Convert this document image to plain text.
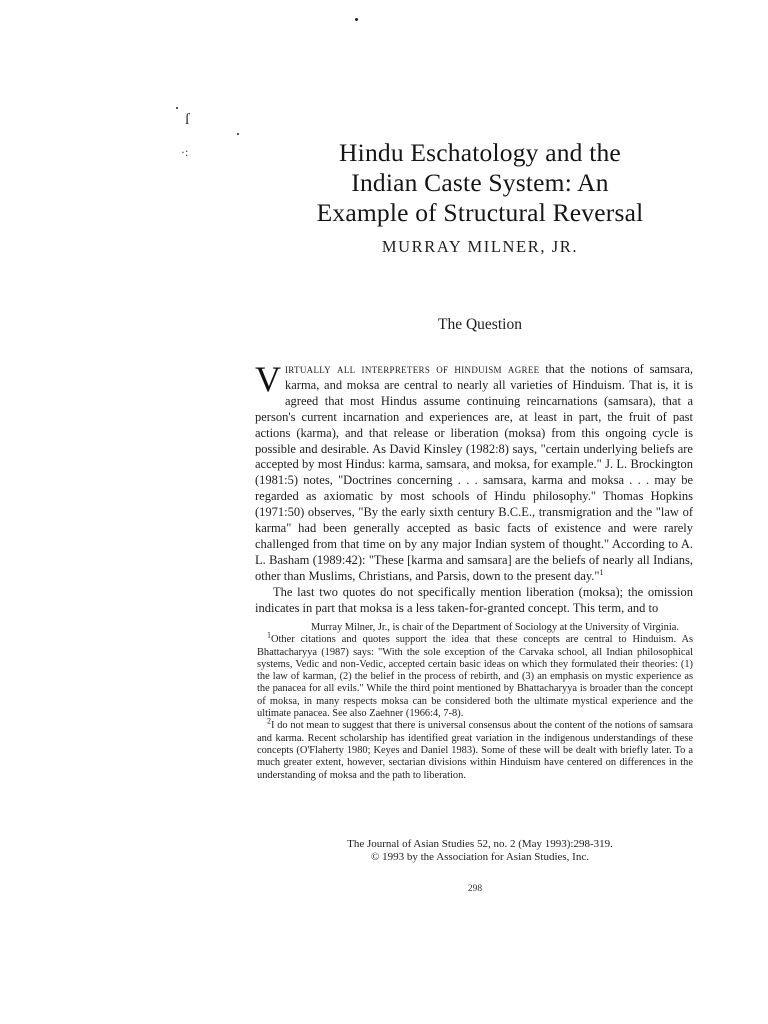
ſ
·:	Hindu Eschatology and the
Indian Caste System: An
Example of Structural Reversal
MURRAY MILNER, JR.
The Question

Virtually all interpreters of hinduism agree that the notions of samsara, karma, and moksa are central to nearly all varieties of Hinduism. That is, it is agreed that most Hindus assume continuing reincarnations (samsara), that a person's current incarnation and experiences are, at least in part, the fruit of past actions (karma), and that release or liberation (moksa) from this ongoing cycle is possible and desirable. As David Kinsley (1982:8) says, "certain underlying beliefs are accepted by most Hindus: karma, samsara, and moksa, for example." J. L. Brockington (1981:5) notes, "Doctrines concerning . . . samsara, karma and moksa . . . may be regarded as axiomatic by most schools of Hindu philosophy." Thomas Hopkins (1971:50) observes, "By the early sixth century B.C.E., transmigration and the "law of karma" had been generally accepted as basic facts of existence and were rarely challenged from that time on by any major Indian system of thought." According to A. L. Basham (1989:42): "These [karma and samsara] are the beliefs of nearly all Indians, other than Muslims, Christians, and Parsis, down to the present day."$^1$

The last two quotes do not specifically mention liberation (moksa); the omission indicates in part that moksa is a less taken-for-granted concept. This term, and to

Murray Milner, Jr., is chair of the Department of Sociology at the University of Virginia.

$^1$Other citations and quotes support the idea that these concepts are central to Hinduism. As Bhattacharyya (1987) says: "With the sole exception of the Carvaka school, all Indian philosophical systems, Vedic and non-Vedic, accepted certain basic ideas on which they formulated their theories: (1) the law of karman, (2) the belief in the process of rebirth, and (3) an emphasis on mystic experience as the panacea for all evils." While the third point mentioned by Bhattacharyya is broader than the concept of moksa, in many respects moksa can be considered both the ultimate mystical experience and the ultimate panacea. See also Zaehner (1966:4, 7-8).

$^2$I do not mean to suggest that there is universal consensus about the content of the notions of samsara and karma. Recent scholarship has identified great variation in the indigenous understandings of these concepts (O'Flaherty 1980; Keyes and Daniel 1983). Some of these will be dealt with briefly later. To a much greater extent, however, sectarian divisions within Hinduism have centered on differences in the understanding of moksa and the path to liberation.

The Journal of Asian Studies 52, no. 2 (May 1993):298-319.
© 1993 by the Association for Asian Studies, Inc.
298
